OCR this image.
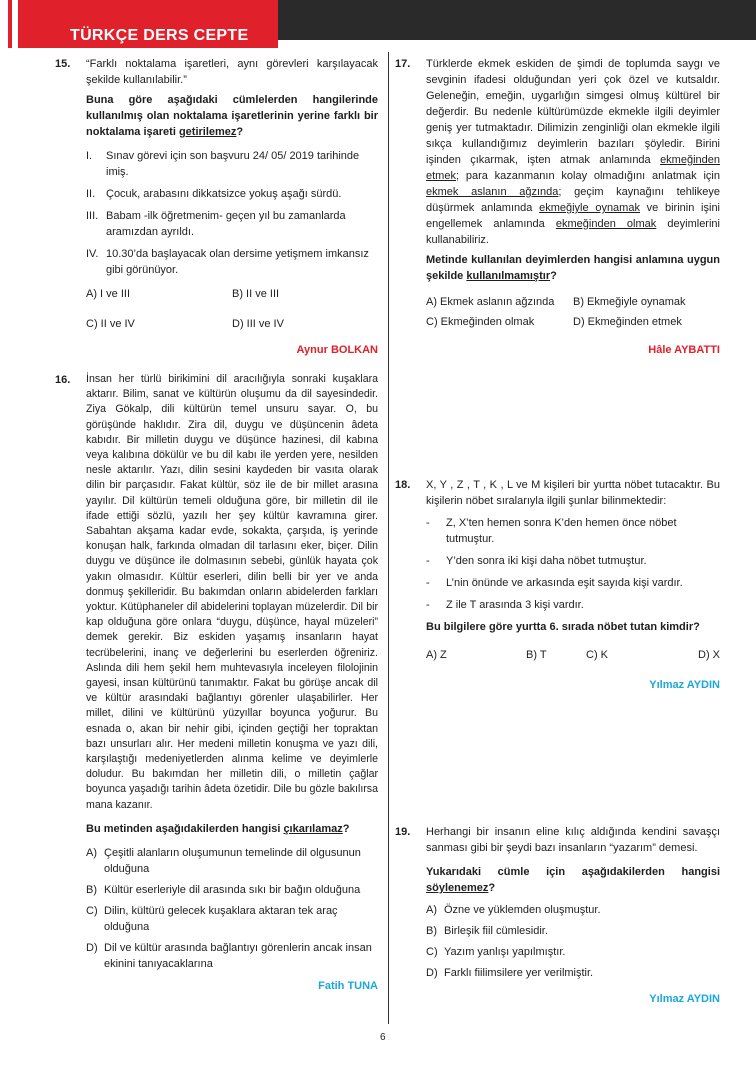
TÜRKÇE DERS CEPTE
15. “Farklı noktalama işaretleri, aynı görevleri karşılayacak şekilde kullanılabilir.”
Buna göre aşağıdaki cümlelerden hangilerinde kullanılmış olan noktalama işaretlerinin yerine farklı bir noktalama işareti getirilemez?
I.	Sınav görevi için son başvuru 24/ 05/ 2019 tarihinde imiş.
II. Çocuk, arabasını dikkatsizce yokuş aşağı sürdü.
III. Babam -ilk öğretmenim- geçen yıl bu zamanlarda aramızdan ayrıldı.
IV. 10.30’da başlayacak olan dersime yetişmem imkansız gibi görünüyor.
A) I ve III	B) II ve III
C) II ve IV	D) III ve IV
Aynur BOLKAN
16. İnsan her türlü birikimini dil aracılığıyla sonraki kuşaklara aktarır. Bilim, sanat ve kültürün oluşumu da dil sayesindedir. Ziya Gökalp, dili kültürün temel unsuru sayar. O, bu görüşünde haklıdır. Zira dil, duygu ve düşüncenin âdeta kabıdır. Bir milletin duygu ve düşünce hazinesi, dil kabına veya kalıbına dökülür ve bu dil kabı ile yerden yere, nesilden nesle aktarılır. Yazı, dilin sesini kaydeden bir vasıta olarak dilin bir parçasıdır. Fakat kültür, söz ile de bir millet arasına yayılır. Dil kültürün temeli olduğuna göre, bir milletin dil ile ifade ettiği sözlü, yazılı her şey kültür kavramına girer. Sabahtan akşama kadar evde, sokakta, çarşıda, iş yerinde konuşan halk, farkında olmadan dil tarlasını eker, biçer. Dilin duygu ve düşünce ile dolmasının sebebi, günlük hayata çok yakın olmasıdır. Kültür eserleri, dilin belli bir yer ve anda donmuş şekilleridir. Bu bakımdan onların abidelerden farkları yoktur. Kütüphaneler dil abidelerini toplayan müzelerdir. Dil bir kap olduğuna göre onlara “duygu, düşünce, hayal müzeleri” demek gerekir. Biz eskiden yaşamış insanların hayat tecrübelerini, inanç ve değerlerini bu eserlerden öğreniriz. Aslında dili hem şekil hem muhtevasıyla inceleyen filolojinin gayesi, insan kültürünü tanımaktır. Fakat bu görüşe ancak dil ve kültür arasındaki bağlantıyı görenler ulaşabilirler. Her millet, dilini ve kültürünü yüzyıllar boyunca yoğurur. Bu esnada o, akan bir nehir gibi, içinden geçtiği her topraktan bazı unsurları alır. Her medeni milletin konuşma ve yazı dili, karşılaştığı medeniyetlerden alınma kelime ve deyimlerle doludur. Bu bakımdan her milletin dili, o milletin çağlar boyunca yaşadığı tarihin âdeta özetidir. Dile bu gözle bakılırsa mana kazanır.
Bu metinden aşağıdakilerden hangisi çıkarılamaz?
A) Çeşitli alanların oluşumunun temelinde dil olgusunun olduğuna
B) Kültür eserleriyle dil arasında sıkı bir bağın olduğuna
C) Dilin, kültürü gelecek kuşaklara aktaran tek araç olduğuna
D) Dil ve kültür arasında bağlantıyı görenlerin ancak insan ekinini tanıyacaklarına
Fatih TUNA
17. Türklerde ekmek eskiden de şimdi de toplumda saygı ve sevginin ifadesi olduğundan yeri çok özel ve kutsaldır. Geleneğin, emeğin, uygarlığın simgesi olmuş kültürel bir değerdir. Bu nedenle kültürümüzde ekmekle ilgili deyimler geniş yer tutmaktadır. Dilimizin zenginliği olan ekmekle ilgili sıkça kullandığımız deyimlerin bazıları şöyledir. Birini işinden çıkarmak, işten atmak anlamında ekmeğinden etmek; para kazanmanın kolay olmadığını anlatmak için ekmek aslanın ağzında; geçim kaynağını tehlikeye düşürmek anlamında ekmeğiyle oynamak ve birinin işini engellemek anlamında ekmeğinden olmak deyimlerini kullanabiliriz.
Metinde kullanılan deyimlerden hangisi anlamına uygun şekilde kullanılmamıştır?
A) Ekmek aslanın ağzında	B) Ekmeğiyle oynamak
C) Ekmeğinden olmak	D) Ekmeğinden etmek
Hâle AYBATTI
18. X, Y , Z , T , K , L ve M kişileri bir yurtta nöbet tutacaktır. Bu kişilerin nöbet sıralarıyla ilgili şunlar bilinmektedir:
-	Z, X’ten hemen sonra K’den hemen önce nöbet tutmuştur.
-	Y’den sonra iki kişi daha nöbet tutmuştur.
-	L’nin önünde ve arkasında eşit sayıda kişi vardır.
-	Z ile T arasında 3 kişi vardır.
Bu bilgilere göre yurtta 6. sırada nöbet tutan kimdir?
A) Z	B) T	C) K	D) X
Yılmaz AYDIN
19. Herhangi bir insanın eline kılıç aldığında kendini savaşçı sanması gibi bir şeydi bazı insanların “yazarım” demesi.
Yukarıdaki cümle için aşağıdakilerden hangisi söylenemez?
A) Özne ve yüklemden oluşmuştur.
B) Birleşik fiil cümlesidir.
C) Yazım yanlışı yapılmıştır.
D) Farklı fiilimsilere yer verilmiştir.
Yılmaz AYDIN
6
